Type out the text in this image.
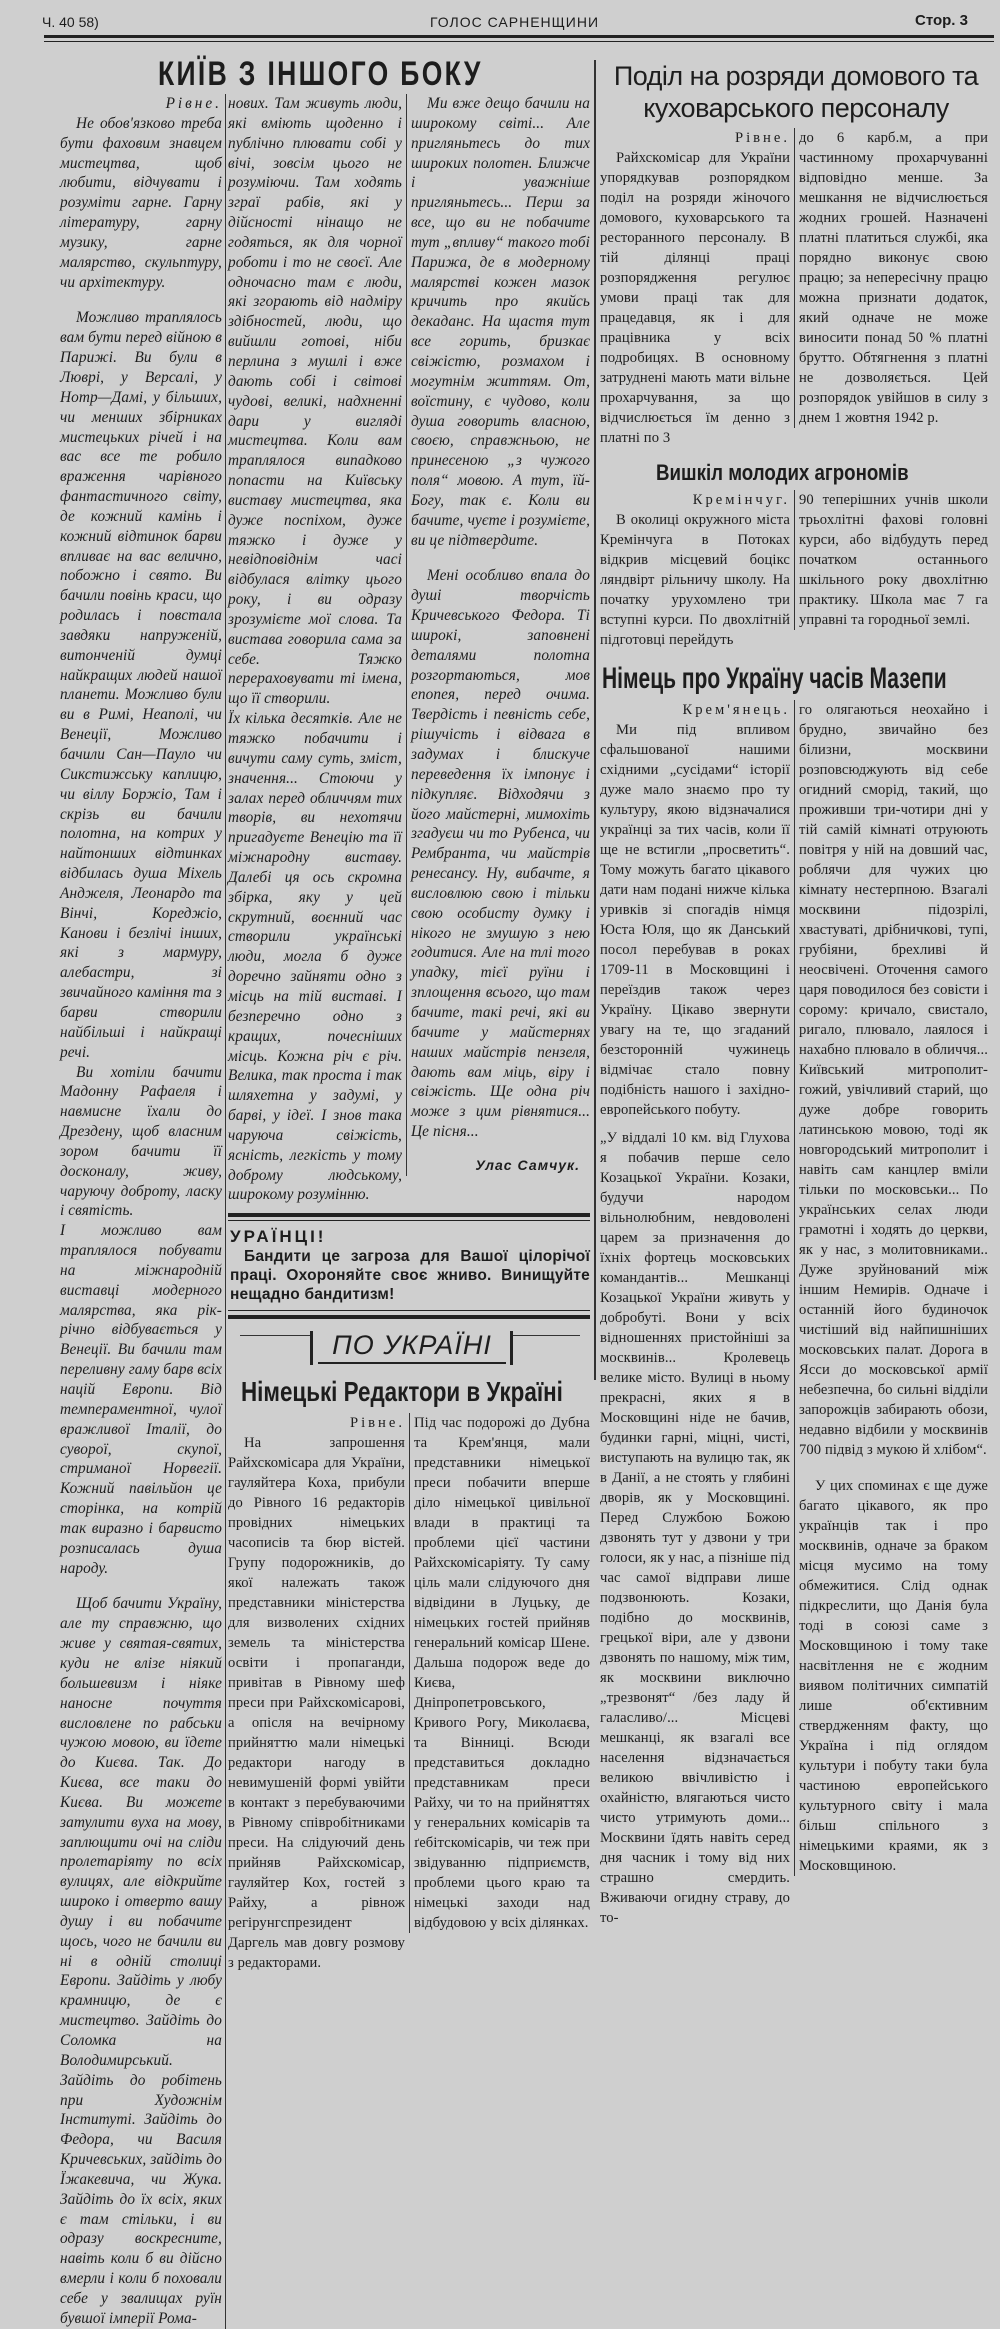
Ч. 40 58)	ГОЛОС САРНЕНЩИНИ	Стор. 3
КИЇВ З ІНШОГО БОКУ

Рівне.

Не обов'язково треба бути фаховим знавцем мистецтва, щоб любити, відчувати і розуміти гарне. Гарну літературу, гарну музику, гарне малярство, скульптуру, чи архітектуру.

Можливо траплялось вам бути перед війною в Парижі. Ви були в Люврі, у Версалі, у Нотр—Дамі, у більших, чи менших збірниках мистецьких річей і на вас все те робило враження чарівного фантастичного світу, де кожний камінь і кожний відтинок барви впливає на вас велично, побожно і свято. Ви бачили повінь краси, що родилась і повстала завдяки напруженій, витонченій думці найкращих людей нашої планети. Можливо були ви в Римі, Неаполі, чи Венеції, Можливо бачили Сан—Пауло чи Сикстижську каплицю, чи віллу Боржіо, Там і скрізь ви бачили полотна, на котрих у найтонших відтинках відбилась душа Міхель Анджеля, Леонардо та Вінчі, Кореджіо, Канови і безлічі інших, які з мармуру, алебастри, зі звичайного каміння та з барви створили найбільші і найкращі речі.

Ви хотіли бачити Мадонну Рафаеля і навмисне їхали до Дрездену, щоб власним зором бачити її досконалу, живу, чаруючу доброту, ласку і святість.

І можливо вам траплялося побувати на міжнародній виставці модерного малярства, яка рік-річно відбувається у Венеції. Ви бачили там переливну гаму барв всіх націй Европи. Від темпераментної, чулої вражливої Італії, до суворої, скупої, стриманої Норвегії. Кожний павільйон це сторінка, на котрій так виразно і барвисто розписалась душа народу.

Щоб бачити Україну, але ту справжню, що живе у святая-святих, куди не влізе ніякий большевизм і ніяке наносне почуття висловлене по рабськи чужою мовою, ви їдете до Києва. Так. До Києва, все таки до Києва. Ви можете затулити вуха на мову, заплющити очі на сліди пролетаріяту по всіх вулицях, але відкрийте широко і отверто вашу душу і ви побачите щось, чого не бачили ви ні в одній столиці Европи. Зайдіть у любу крамницю, де є мистецтво. Зайдіть до Соломка на Володимирський. Зайдіть до робітень при Художнім Інституті. Зайдіть до Федора, чи Василя Кричевських, зайдіть до Їжакевича, чи Жука. Зайдіть до їх всіх, яких є там стільки, і ви одразу воскресните, навіть коли б ви дійсно вмерли і коли б поховали себе у звалищах руїн бувшої імперії Рома-

нових. Там живуть люди, які вміють щоденно і публічно плювати собі у вічі, зовсім цього не розуміючи. Там ходять зграї рабів, які у дійсності нінащо не годяться, як для чорної роботи і то не своєї. Але одночасно там є люди, які згорають від надміру здібностей, люди, що вийшли готові, ніби перлина з мушлі і вже дають собі і світові чудові, великі, надхненні дари у вигляді мистецтва. Коли вам траплялося випадково попасти на Київську виставу мистецтва, яка дуже поспіхом, дуже тяжко і дуже у невідповіднім часі відбулася влітку цього року, і ви одразу зрозумієте мої слова. Та вистава говорила сама за себе. Тяжко перераховувати ті імена, що її створили.

Їх кілька десятків. Але не тяжко побачити і вичути саму суть, зміст, значення... Стоючи у залах перед обличчям тих творів, ви нехотячи пригадуєте Венецію та її міжнародну виставу. Далебі ця ось скромна збірка, яку у цей скрутний, воєнний час створили українські люди, могла б дуже доречно зайняти одно з місць на тій виставі. І безперечно одно з кращих, почесніших місць. Кожна річ є річ. Велика, так проста і так шляхетна у задумі, у барві, у ідеї. І знов така чаруюча свіжість, ясність, легкість у тому доброму людському, широкому розумінню.

Ми вже дещо бачили на широкому світі... Але пригляньтесь до тих широких полотен. Ближче і уважніше пригляньтесь... Перш за все, що ви не побачите тут „впливу“ такого тобі Парижа, де в модерному малярстві кожен мазок кричить про якийсь декаданс. На щастя тут все горить, бризкає свіжістю, розмахом і могутнім життям. От, воїстину, є чудово, коли душа говорить власною, своєю, справжньою, не принесеною „з чужого поля“ мовою. А тут, їй-Богу, так є. Коли ви бачите, чуєте і розумієте, ви це підтвердите.

Мені особливо впала до душі творчість Кричевського Федора. Ті широкі, заповнені деталями полотна розгортаються, мов епопея, перед очима. Твердість і певність себе, рішучість і відвага в задумах і блискуче переведення їх імпонує і підкупляє. Відходячи з його майстерні, мимохіть згадуєш чи то Рубенса, чи Рембранта, чи майстрів ренесансу. Ну, вибачте, я висловлюю свою і тільки свою особисту думку і нікого не змушую з нею годитися. Але на тлі того упадку, тієї руїни і зплощення всього, що там бачите, такі речі, які ви бачите у майстернях наших майстрів пензеля, дають вам міць, віру і свіжість. Ще одна річ може з цим рівнятися... Це пісня...

Улас Самчук.

УРАЇНЦІ!
Бандити це загроза для Вашої цілорічої праці. Охороняйте своє жниво. Винищуйте нещадно бандитизм!
ПО УКРАЇНІ
Німецькі Редактори в Україні

Рівне.

На запрошення Райхскомісара для України, гауляйтера Коха, прибули до Рівного 16 редакторів провідних німецьких часописів та бюр вістей. Групу подорожників, до якої належать також представники міністерства для визволених східних земель та міністерства освіти і пропаганди, привітав в Рівному шеф преси при Райхскомісарові, а опісля на вечірному прийняттю мали німецькі редактори нагоду в невимушеній формі увійти в контакт з перебуваючими в Рівному співробітниками преси. На слідуючий день прийняв Райхскомісар, гауляйтер Кох, гостей з Райху, а рівнож регірунгспрезидент Даргель мав довгу розмову з редакторами.

Під час подорожі до Дубна та Крем'янця, мали представники німецької преси побачити вперше діло німецької цивільної влади в практиці та проблеми цієї частини Райхскомісаріяту. Ту саму ціль мали слідуючого дня відвідини в Луцьку, де німецьких гостей прийняв генеральний комісар Шене. Дальша подорож веде до Києва, Дніпропетровського, Кривого Рогу, Миколаєва, та Вінниці. Всюди представиться докладно представникам преси Райху, чи то на прийняттях у генеральних комісарів та ґебітскомісарів, чи теж при звідуванню підприємств, проблеми цього краю та німецькі заходи над відбудовою у всіх ділянках.

Поділ на розряди домового та куховарського персоналу

Рівне.

Райхскомісар для України упорядкував розпорядком поділ на розряди жіночого домового, куховарського та ресторанного персоналу. В тій ділянці праці розпорядження регулює умови праці так для працедавця, як і для працівника у всіх подробицях. В основному затруднені мають мати вільне прохарчування, за що відчислюється їм денно з платні по 3

до 6 карб.м, а при частинному прохарчуванні відповідно менше. За мешкання не відчислюється жодних грошей. Назначені платні платиться службі, яка порядно виконує свою працю; за непересічну працю можна признати додаток, який одначе не може виносити понад 50 % платні брутто. Обтягнення з платні не дозволяється. Цей розпорядок увійшов в силу з днем 1 жовтня 1942 р.

Вишкіл молодих агрономів

Кремінчуг.

В околиці окружного міста Кремінчуга в Потоках відкрив місцевий боцікс ляндвірт рільничу школу. На початку урухомлено три вступні курси. По двохлітній підготовці перейдуть

90 теперішних учнів школи трьохлітні фахові головні курси, або відбудуть перед початком останнього шкільного року двохлітню практику. Школа має 7 га управні та городньої землі.

Німець про Україну часів Мазепи

Крем'янець.

Ми під впливом сфальшованої нашими східними „сусідами“ історії дуже мало знаємо про ту культуру, якою відзначалися українці за тих часів, коли її ще не встигли „просветить“. Тому можуть багато цікавого дати нам подані нижче кілька уривків зі спогадів німця Юста Юля, що як Данський посол перебував в роках 1709-11 в Московщині і переїздив також через Україну. Цікаво звернути увагу на те, що згаданий безсторонній чужинець відмічає стало повну подібність нашого і західно-европейського побуту.

„У віддалі 10 км. від Глухова я побачив перше село Козацької України. Козаки, будучи народом вільнолюбним, невдоволені царем за призначення до їхніх фортець московських командантів... Мешканці Козацької України живуть у добробуті. Вони у всіх відношеннях пристойніші за москвинів... Кролевець велике місто. Вулиці в ньому прекрасні, яких я в Московщині ніде не бачив, будинки гарні, міцні, чисті, виступають на вулицю так, як в Данії, а не стоять у глябині дворів, як у Московщині. Перед Службою Божою дзвонять тут у дзвони у три голоси, як у нас, а пізніше під час самої відправи лише подзвонюють. Козаки, подібно до москвинів, грецької віри, але у дзвони дзвонять по нашому, між тим, як москвини виключно „трезвонят“ /без ладу й галасливо/... Місцеві мешканці, як взагалі все населення відзначається великою ввічливістю і охайністю, влягаються чисто чисто утримують доми... Москвини їдять навіть серед дня часник і тому від них страшно смердить. Вживаючи огидну страву, до то-

го олягаються неохайно і брудно, звичайно без білизни, москвини розповсюджують від себе огидний сморід, такий, що проживши три-чотири дні у тій самій кімнаті отруюють повітря у ній на довший час, роблячи для чужих цю кімнату нестерпною. Взагалі москвини підозрілі, хвастуваті, дрібничкові, тупі, грубіяни, брехливі й неосвічені. Оточення самого царя поводилося без совісти і сорому: кричало, свистало, ригало, плювало, лаялося і нахабно плювало в обличчя... Київський митрополит-гожий, увічливий старий, що дуже добре говорить латинською мовою, тоді як новгородський митрополит і навіть сам канцлер вміли тільки по московськи... По українських селах люди грамотні і ходять до церкви, як у нас, з молитовниками.. Дуже зруйнований між іншим Немирів. Одначе і останній його будиночок чистіший від найпишніших московських палат. Дорога в Ясси до московської армії небезпечна, бо сильні відділи запорожців забирають обози, недавно відбили у москвинів 700 підвід з мукою й хлібом“.

У цих споминах є ще дуже багато цікавого, як про українців так і про москвинів, одначе за браком місця мусимо на тому обмежитися. Слід однак підкреслити, що Данія була тоді в союзі саме з Московщиною і тому таке насвітлення не є жодним виявом політичних симпатій лише об'єктивним ствердженням факту, що Україна і під оглядом культури і побуту таки була частиною европейського культурного світу і мала більш спільного з німецькими краями, як з Московщиною.
